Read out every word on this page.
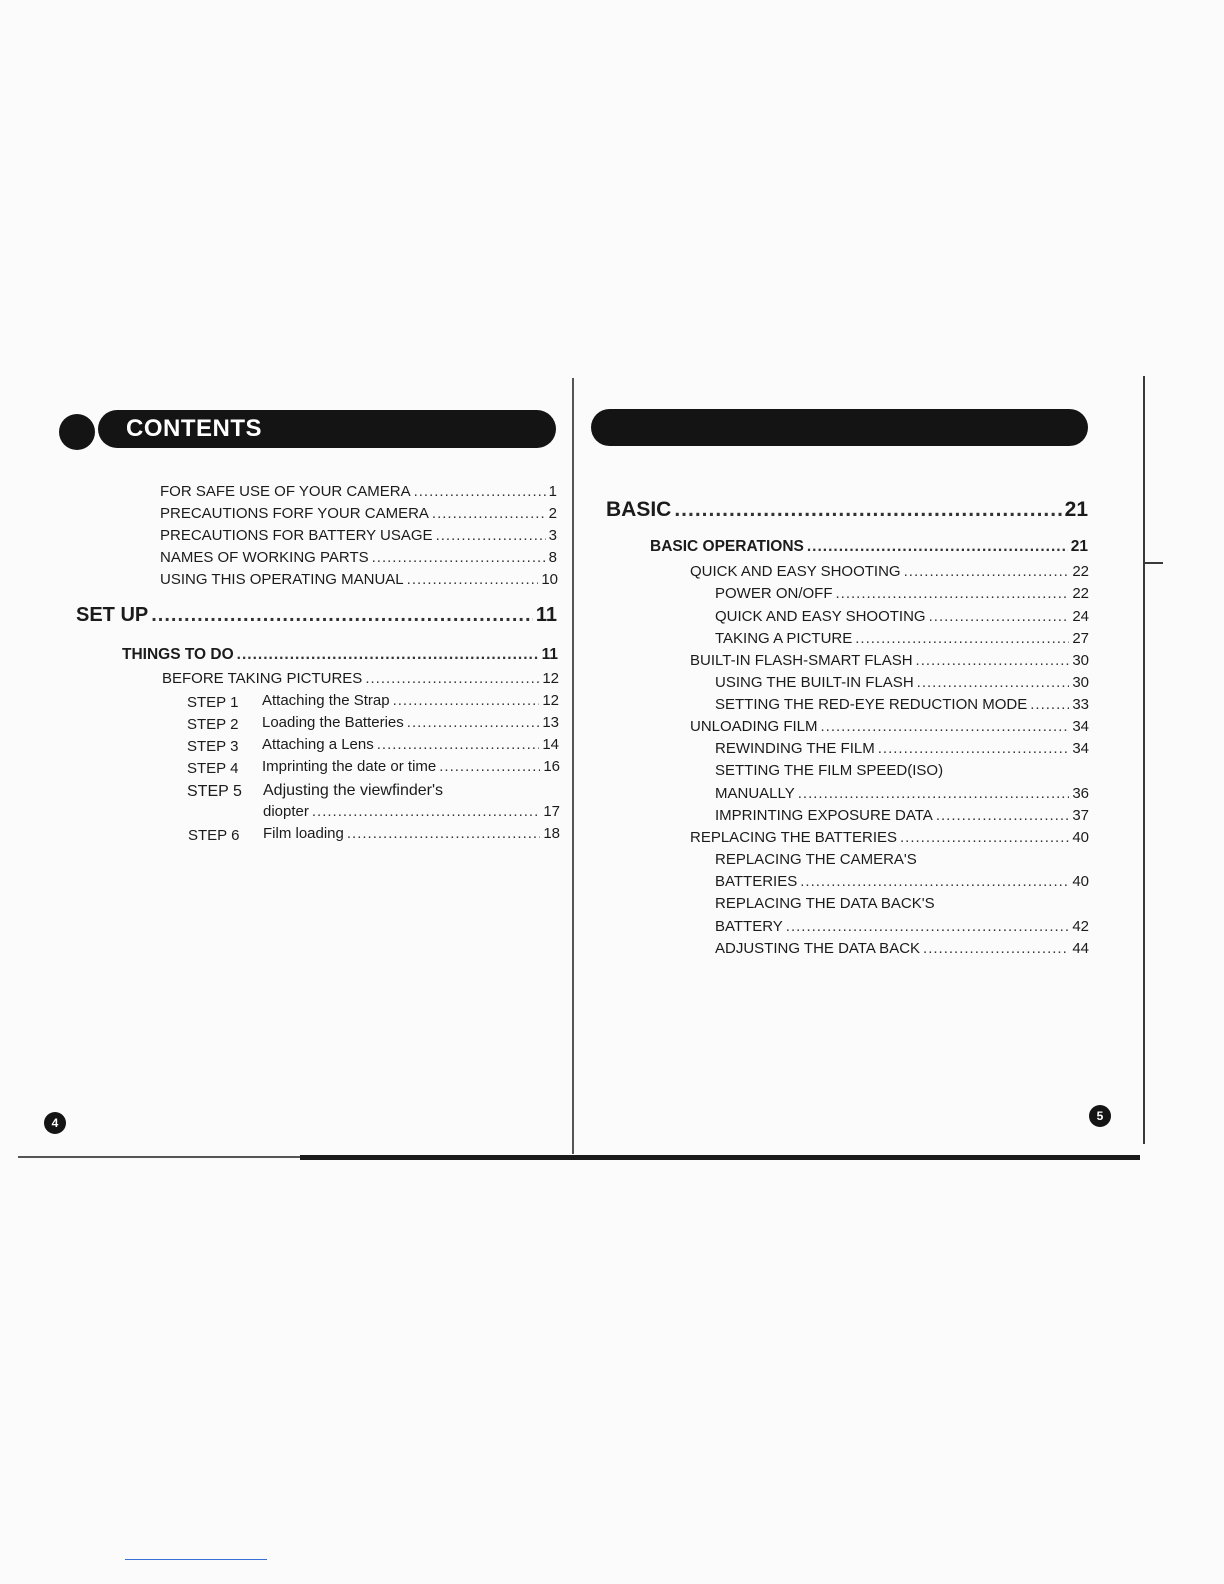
CONTENTS
FOR SAFE USE OF YOUR CAMERA .....	1
PRECAUTIONS FORF YOUR CAMERA .....	2
PRECAUTIONS FOR BATTERY USAGE .....	3
NAMES OF WORKING PARTS .....	8
USING THIS OPERATING MANUAL .....	10
SET UP .....	11
THINGS TO DO .....	11
BEFORE TAKING PICTURES .....	12
STEP 1 Attaching the Strap .....	12
STEP 2 Loading the Batteries .....	13
STEP 3 Attaching a Lens .....	14
STEP 4 Imprinting the date or time .....	16
STEP 5 Adjusting the viewfinder's
diopter .....	17
STEP 6 Film loading .....	18
4
BASIC .....	21
BASIC OPERATIONS .....	21
QUICK AND EASY SHOOTING .....	22
POWER ON/OFF .....	22
QUICK AND EASY SHOOTING .....	24
TAKING A PICTURE .....	27
BUILT-IN FLASH-SMART FLASH .....	30
USING THE BUILT-IN FLASH .....	30
SETTING THE RED-EYE REDUCTION MODE .....	33
UNLOADING FILM .....	34
REWINDING THE FILM .....	34
SETTING THE FILM SPEED(ISO)
MANUALLY .....	36
IMPRINTING EXPOSURE DATA .....	37
REPLACING THE BATTERIES .....	40
REPLACING THE CAMERA'S
BATTERIES .....	40
REPLACING THE DATA BACK'S
BATTERY .....	42
ADJUSTING THE DATA BACK .....	44
5
